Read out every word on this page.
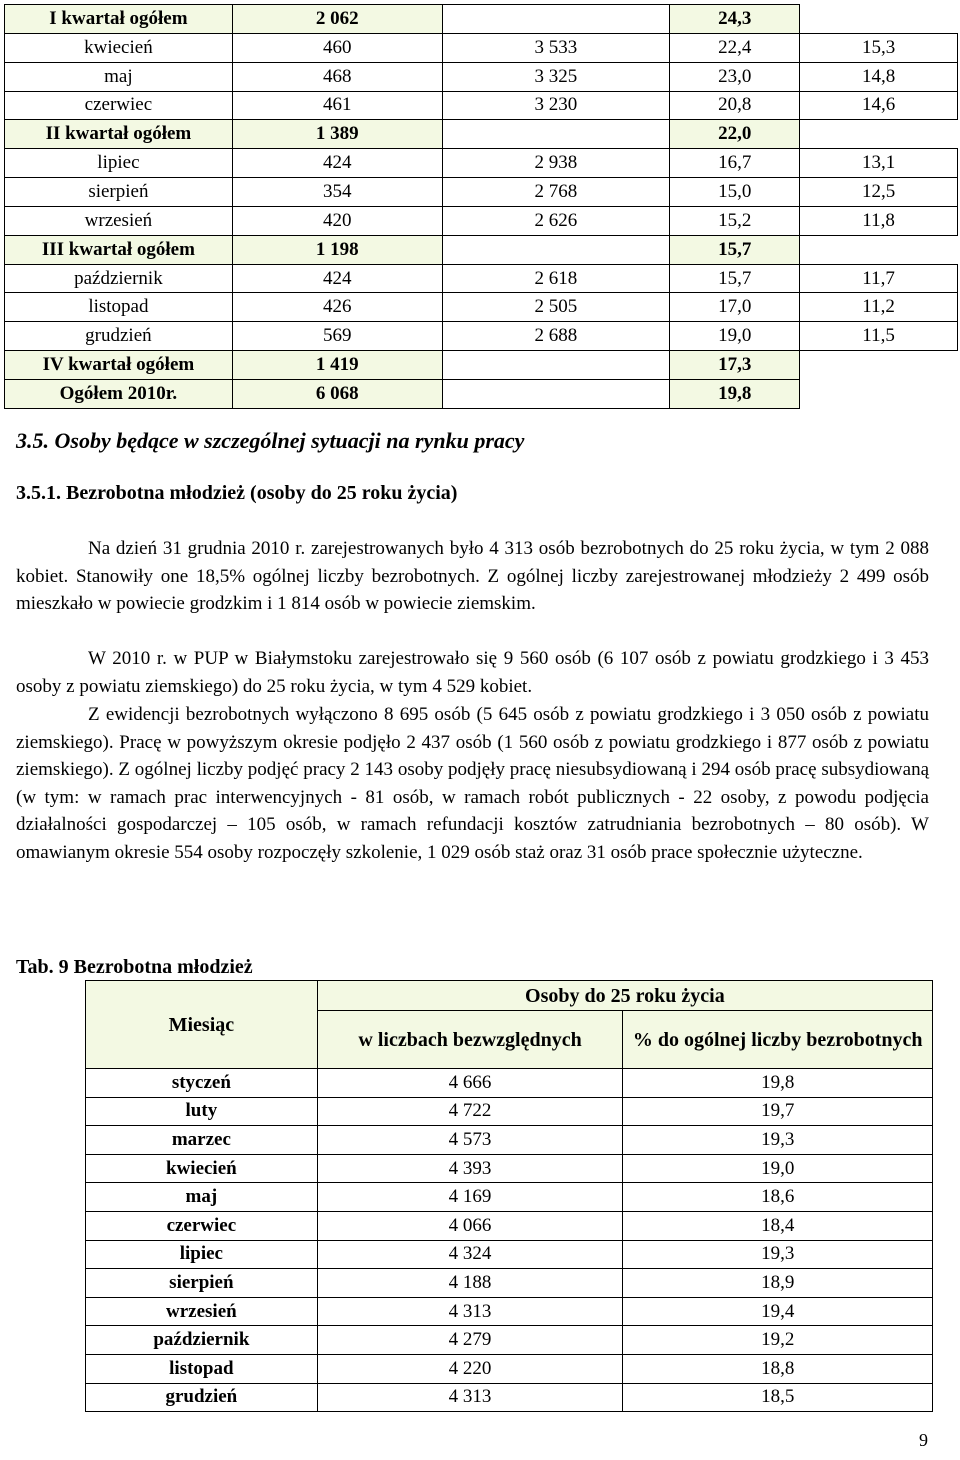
I kwartał ogółem	2 062		24,3	
kwiecień	460	3 533	22,4	15,3
maj	468	3 325	23,0	14,8
czerwiec	461	3 230	20,8	14,6
II kwartał ogółem	1 389		22,0	
lipiec	424	2 938	16,7	13,1
sierpień	354	2 768	15,0	12,5
wrzesień	420	2 626	15,2	11,8
III kwartał ogółem	1 198		15,7	
październik	424	2 618	15,7	11,7
listopad	426	2 505	17,0	11,2
grudzień	569	2 688	19,0	11,5
IV kwartał ogółem	1 419		17,3	
Ogółem 2010r.	6 068		19,8	
3.5. Osoby będące w szczególnej sytuacji na rynku pracy
3.5.1. Bezrobotna młodzież (osoby do 25 roku życia)
Na dzień 31 grudnia 2010 r. zarejestrowanych było 4 313 osób bezrobotnych do 25 roku życia, w tym 2 088 kobiet. Stanowiły one 18,5% ogólnej liczby bezrobotnych. Z ogólnej liczby zarejestrowanej młodzieży 2 499 osób mieszkało w powiecie grodzkim i 1 814 osób w powiecie ziemskim.
W 2010 r. w PUP w Białymstoku zarejestrowało się 9 560 osób (6 107 osób z powiatu grodzkiego i 3 453 osoby z powiatu ziemskiego) do 25 roku życia, w tym 4 529 kobiet.
Z ewidencji bezrobotnych wyłączono 8 695 osób (5 645 osób z powiatu grodzkiego i 3 050 osób z powiatu ziemskiego). Pracę w powyższym okresie podjęło 2 437 osób (1 560 osób z powiatu grodzkiego i 877 osób z powiatu ziemskiego). Z ogólnej liczby podjęć pracy 2 143 osoby podjęły pracę niesubsydiowaną i 294 osób pracę subsydiowaną (w tym: w ramach prac interwencyjnych - 81 osób, w ramach robót publicznych - 22 osoby, z powodu podjęcia działalności gospodarczej – 105 osób, w ramach refundacji kosztów zatrudniania bezrobotnych – 80 osób). W omawianym okresie 554 osoby rozpoczęły szkolenie, 1 029 osób staż oraz 31 osób prace społecznie użyteczne.
Tab. 9 Bezrobotna młodzież
Miesiąc	Osoby do 25 roku życia	
	w liczbach bezwzględnych	% do ogólnej liczby bezrobotnych
styczeń	4 666	19,8
luty	4 722	19,7
marzec	4 573	19,3
kwiecień	4 393	19,0
maj	4 169	18,6
czerwiec	4 066	18,4
lipiec	4 324	19,3
sierpień	4 188	18,9
wrzesień	4 313	19,4
październik	4 279	19,2
listopad	4 220	18,8
grudzień	4 313	18,5
9
